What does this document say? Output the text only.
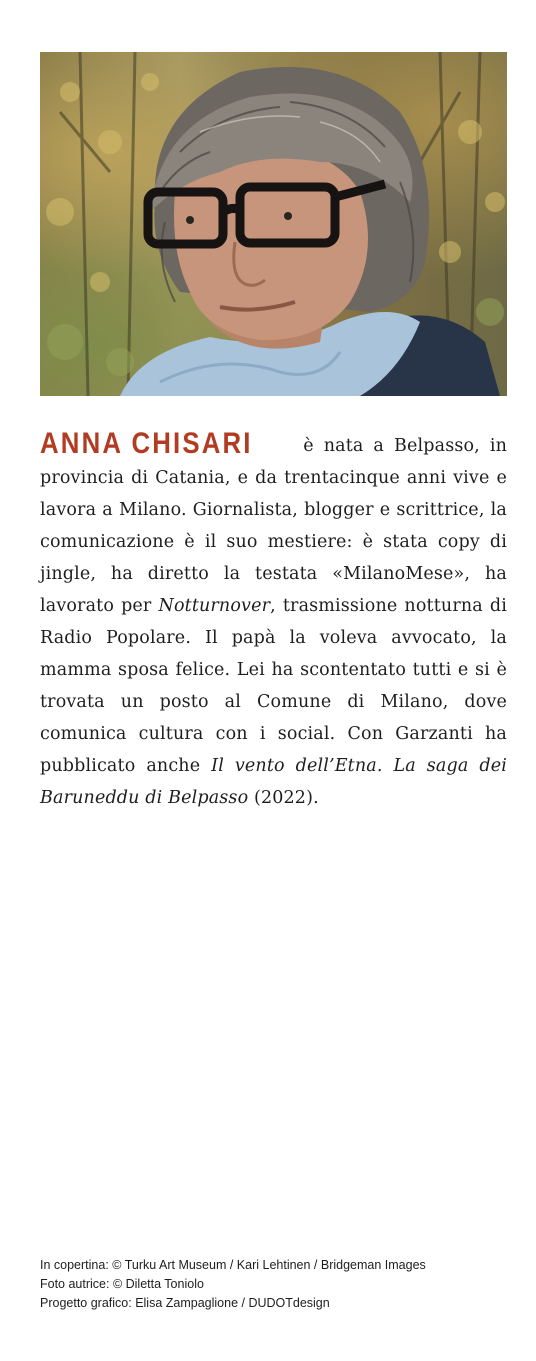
ANNA CHISARI è nata a Belpasso, in provincia di Catania, e da trentacinque anni vive e lavora a Milano. Giornalista, blogger e scrittrice, la comunicazione è il suo mestiere: è stata copy di jingle, ha diretto la testata «MilanoMese», ha lavorato per Notturnover, trasmissione notturna di Radio Popolare. Il papà la voleva avvocato, la mamma sposa felice. Lei ha scontentato tutti e si è trovata un posto al Comune di Milano, dove comunica cultura con i social. Con Garzanti ha pubblicato anche Il vento dell’Etna. La saga dei Baruneddu di Belpasso (2022).
In copertina: © Turku Art Museum / Kari Lehtinen / Bridgeman Images
Foto autrice: © Diletta Toniolo
Progetto grafico: Elisa Zampaglione / DUDOTdesign
